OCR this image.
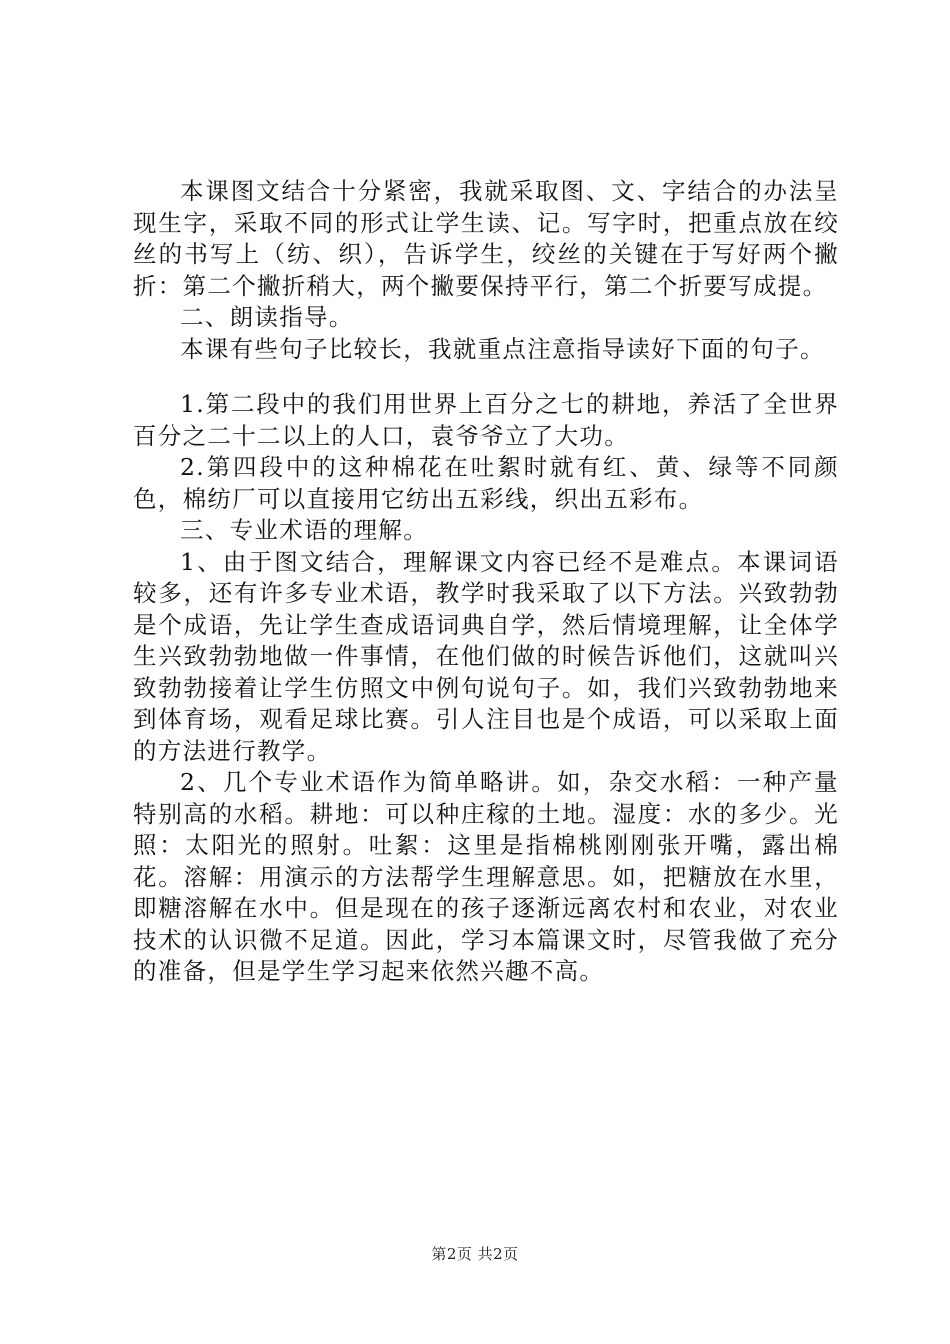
本课图文结合十分紧密，我就采取图、文、字结合的办法呈现生字，采取不同的形式让学生读、记。写字时，把重点放在绞丝的书写上（纺、织），告诉学生，绞丝的关键在于写好两个撇折：第二个撇折稍大，两个撇要保持平行，第二个折要写成提。

二、朗读指导。

本课有些句子比较长，我就重点注意指导读好下面的句子。

1.第二段中的我们用世界上百分之七的耕地，养活了全世界百分之二十二以上的人口，袁爷爷立了大功。

2.第四段中的这种棉花在吐絮时就有红、黄、绿等不同颜色，棉纺厂可以直接用它纺出五彩线，织出五彩布。

三、专业术语的理解。

1、由于图文结合，理解课文内容已经不是难点。本课词语较多，还有许多专业术语，教学时我采取了以下方法。兴致勃勃是个成语，先让学生查成语词典自学，然后情境理解，让全体学生兴致勃勃地做一件事情，在他们做的时候告诉他们，这就叫兴致勃勃接着让学生仿照文中例句说句子。如，我们兴致勃勃地来到体育场，观看足球比赛。引人注目也是个成语，可以采取上面的方法进行教学。

2、几个专业术语作为简单略讲。如，杂交水稻：一种产量特别高的水稻。耕地：可以种庄稼的土地。湿度：水的多少。光照：太阳光的照射。吐絮：这里是指棉桃刚刚张开嘴，露出棉花。溶解：用演示的方法帮学生理解意思。如，把糖放在水里，即糖溶解在水中。但是现在的孩子逐渐远离农村和农业，对农业技术的认识微不足道。因此，学习本篇课文时，尽管我做了充分的准备，但是学生学习起来依然兴趣不高。

第2页 共2页
